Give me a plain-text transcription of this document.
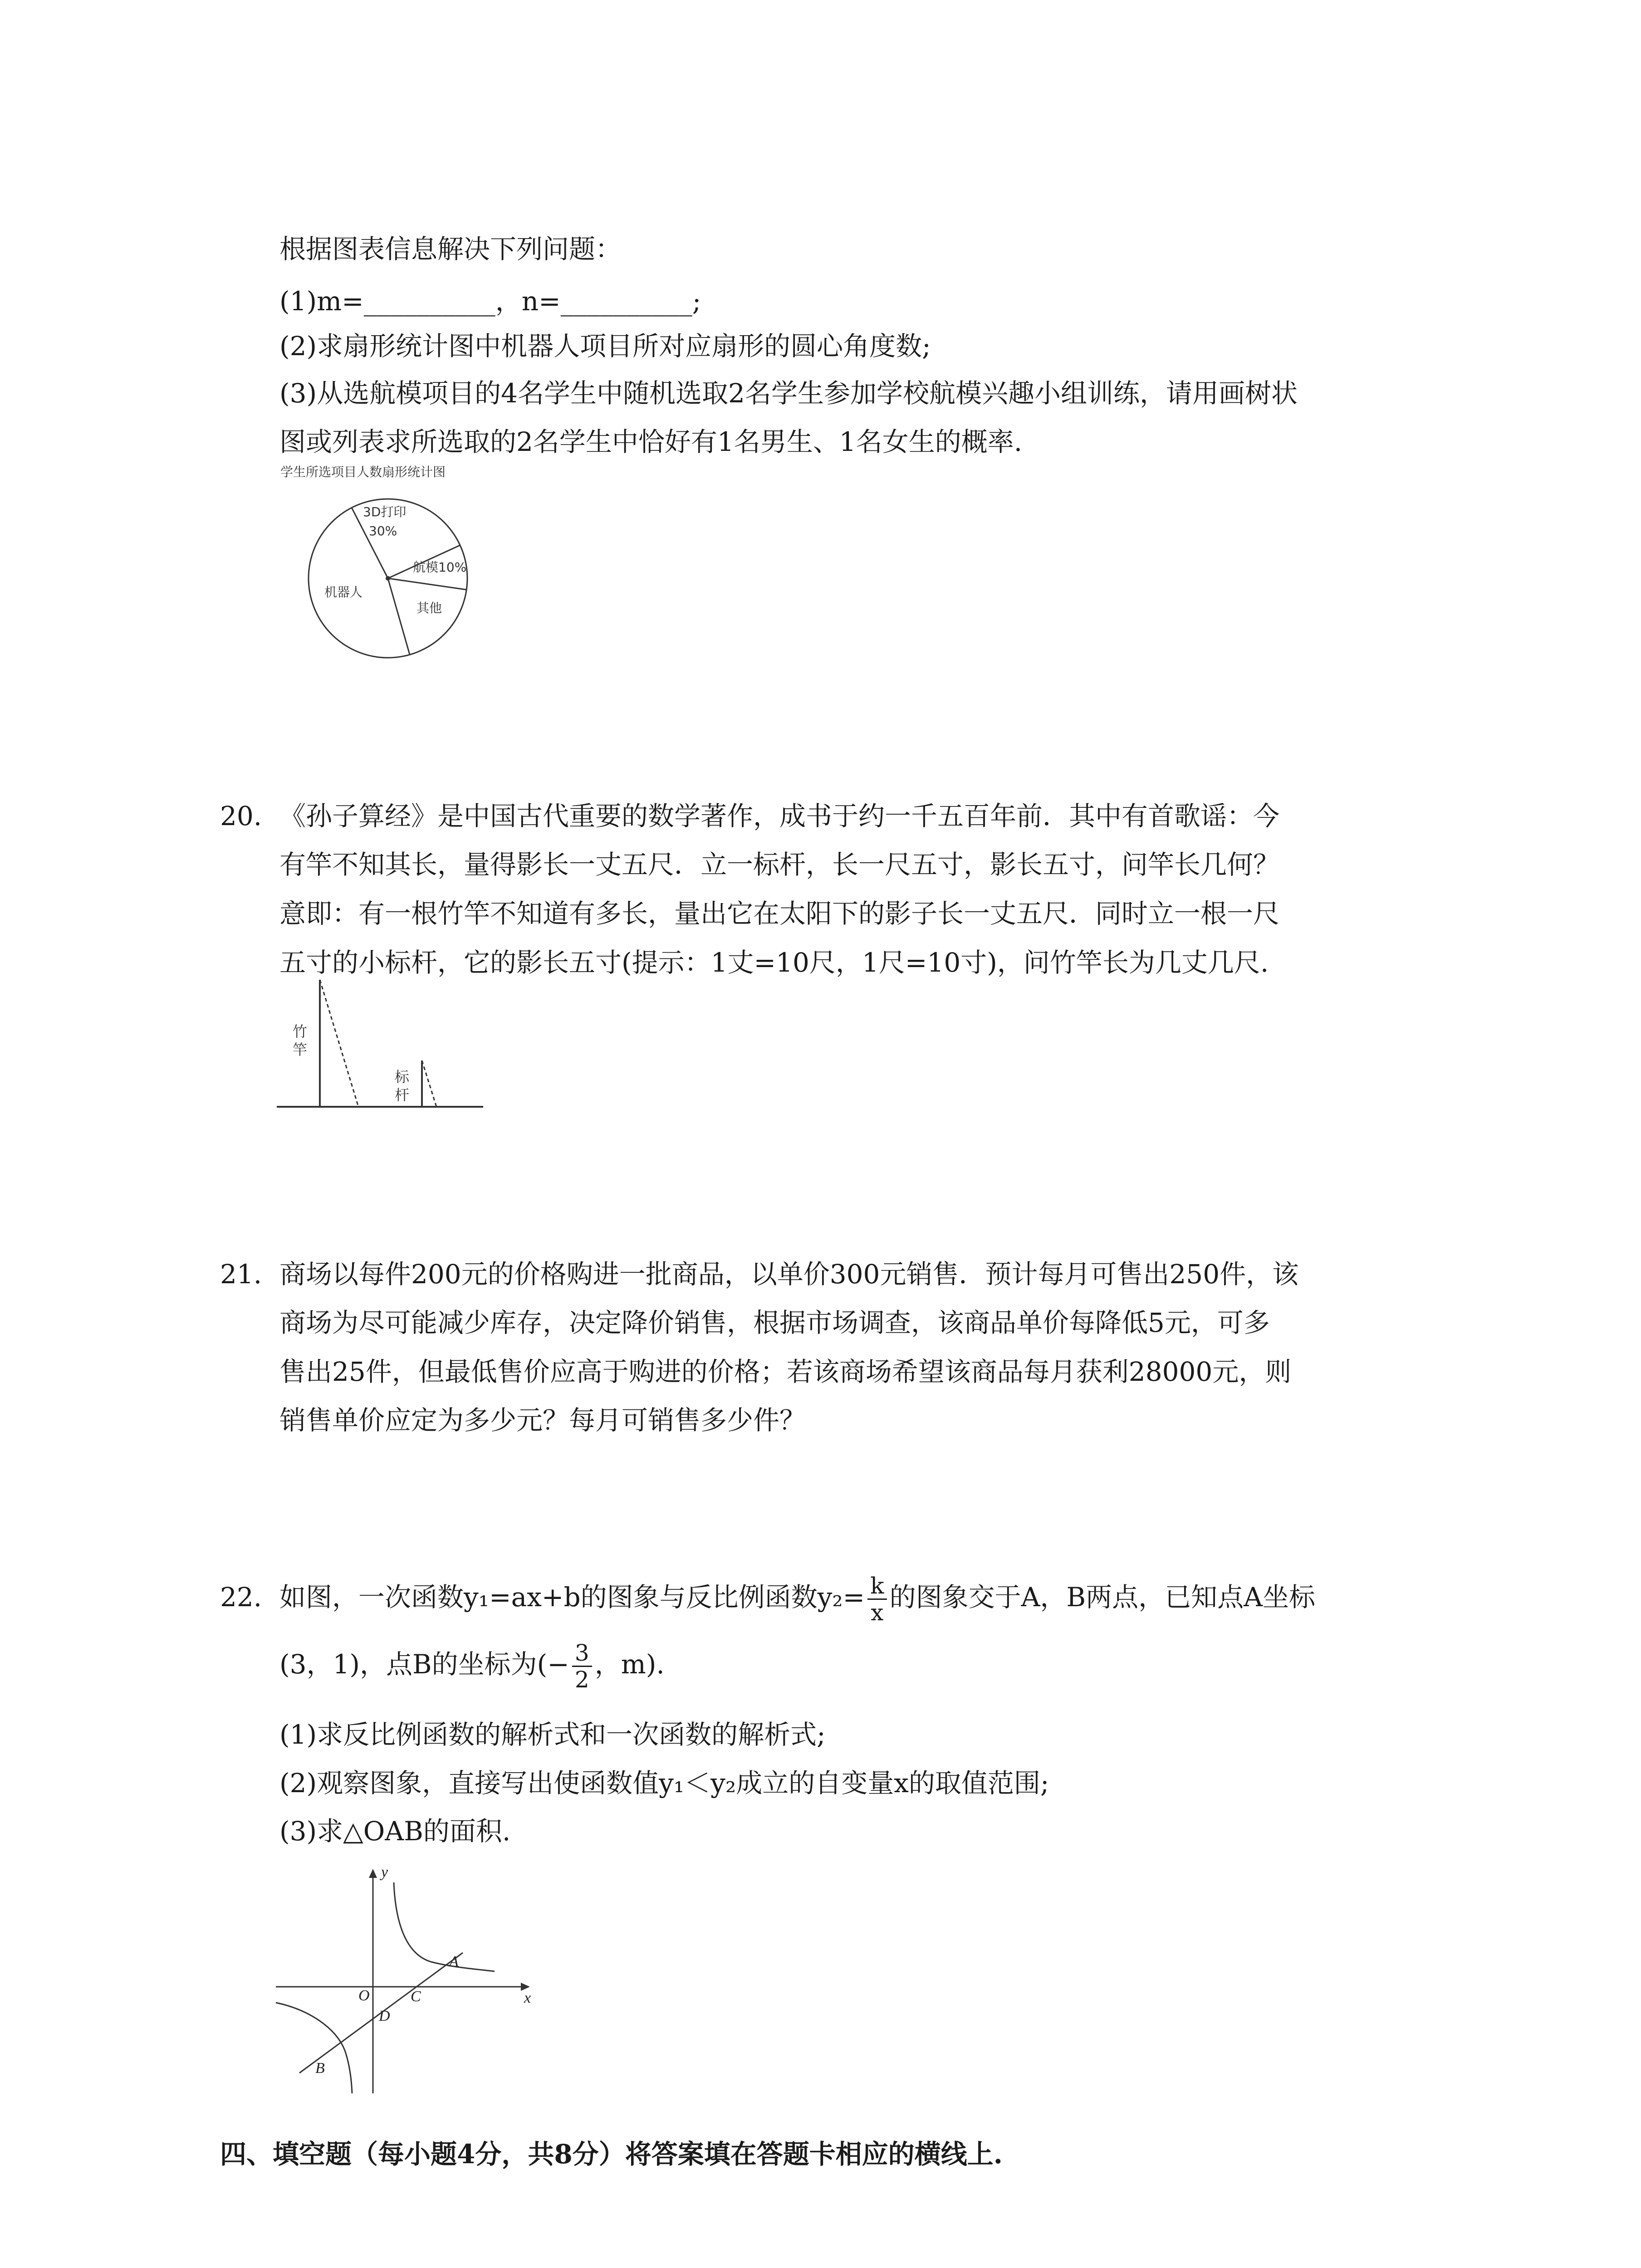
根据图表信息解决下列问题：
(1)m=__________，n=__________;
(2)求扇形统计图中机器人项目所对应扇形的圆心角度数;
(3)从选航模项目的4名学生中随机选取2名学生参加学校航模兴趣小组训练，请用画树状
图或列表求所选取的2名学生中恰好有1名男生、1名女生的概率.
学生所选项目人数扇形统计图
3D打印
30%
航模10%
机器人
其他
20. 《孙子算经》是中国古代重要的数学著作，成书于约一千五百年前．其中有首歌谣：今
有竿不知其长，量得影长一丈五尺．立一标杆，长一尺五寸，影长五寸，问竿长几何？
意即：有一根竹竿不知道有多长，量出它在太阳下的影子长一丈五尺．同时立一根一尺
五寸的小标杆，它的影长五寸(提示：1丈=10尺，1尺=10寸)，问竹竿长为几丈几尺.
竹
竿
标
杆
21. 商场以每件200元的价格购进一批商品，以单价300元销售．预计每月可售出250件，该
商场为尽可能减少库存，决定降价销售，根据市场调查，该商品单价每降低5元，可多
售出25件，但最低售价应高于购进的价格；若该商场希望该商品每月获利28000元，则
销售单价应定为多少元？每月可销售多少件？
22. 如图，一次函数y₁=ax+b的图象与反比例函数$y_2= \frac{k}{x}$ 的图象交于A，B两点，已知点A坐标
(3，1)，点B的坐标为(− $\frac{3}{2}$ ，m).
(1)求反比例函数的解析式和一次函数的解析式;
(2)观察图象，直接写出使函数值y₁＜y₂成立的自变量x的取值范围;
(3)求△OAB的面积.
y
x
O
A
B
C
D
四、填空题（每小题4分，共8分）将答案填在答题卡相应的横线上.
